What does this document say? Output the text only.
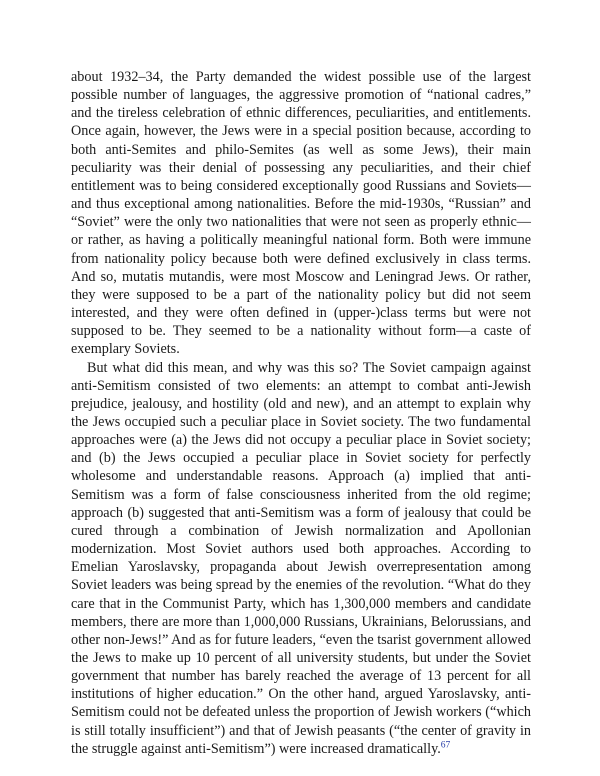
about 1932–34, the Party demanded the widest possible use of the largest possible number of languages, the aggressive promotion of “national cadres,” and the tireless celebration of ethnic differences, peculiarities, and entitlements. Once again, however, the Jews were in a special position because, according to both anti-Semites and philo-Semites (as well as some Jews), their main peculiarity was their denial of possessing any peculiarities, and their chief entitlement was to being considered exceptionally good Russians and Soviets—and thus exceptional among nationalities. Before the mid-1930s, “Russian” and “Soviet” were the only two nationalities that were not seen as properly ethnic—or rather, as having a politically meaningful national form. Both were immune from nationality policy because both were defined exclusively in class terms. And so, mutatis mutandis, were most Moscow and Leningrad Jews. Or rather, they were supposed to be a part of the nationality policy but did not seem interested, and they were often defined in (upper-)class terms but were not supposed to be. They seemed to be a nationality without form—a caste of exemplary Soviets.

But what did this mean, and why was this so? The Soviet campaign against anti-Semitism consisted of two elements: an attempt to combat anti-Jewish prejudice, jealousy, and hostility (old and new), and an attempt to explain why the Jews occupied such a peculiar place in Soviet society. The two fundamental approaches were (a) the Jews did not occupy a peculiar place in Soviet society; and (b) the Jews occupied a peculiar place in Soviet society for perfectly wholesome and understandable reasons. Approach (a) implied that anti-Semitism was a form of false consciousness inherited from the old regime; approach (b) suggested that anti-Semitism was a form of jealousy that could be cured through a combination of Jewish normalization and Apollonian modernization. Most Soviet authors used both approaches. According to Emelian Yaroslavsky, propaganda about Jewish overrepresentation among Soviet leaders was being spread by the enemies of the revolution. “What do they care that in the Communist Party, which has 1,300,000 members and candidate members, there are more than 1,000,000 Russians, Ukrainians, Belorussians, and other non-Jews!” And as for future leaders, “even the tsarist government allowed the Jews to make up 10 percent of all university students, but under the Soviet government that number has barely reached the average of 13 percent for all institutions of higher education.” On the other hand, argued Yaroslavsky, anti-Semitism could not be defeated unless the proportion of Jewish workers (“which is still totally insufficient”) and that of Jewish peasants (“the center of gravity in the struggle against anti-Semitism”) were increased dramatically.$^{67}$
